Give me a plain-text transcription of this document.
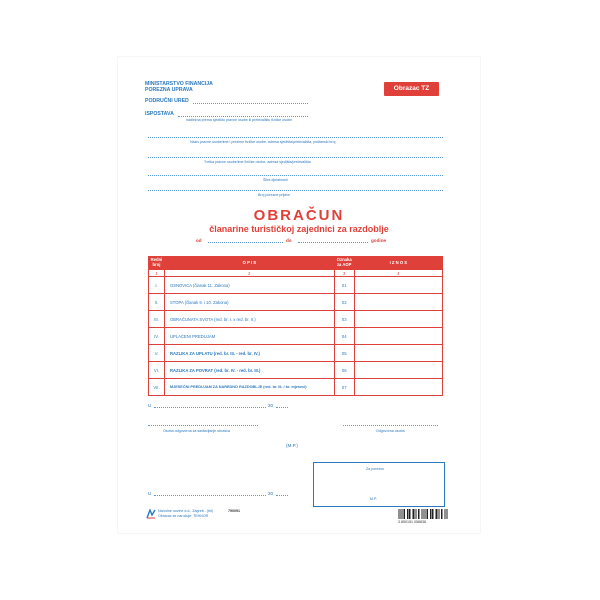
MINISTARSTVO FINANCIJA
POREZNA UPRAVA
PODRUČNI URED
Obrazac TZ
ISPOSTAVA
nadležna prema sjedištu pravne osobe ili prebivalištu fizičke osobe
Naziv pravne osobe/ime i prezime fizičke osobe, adresa sjedišta/prebivališta, poštanski broj
Tvrtka pravne osobe/ime fizičke osobe, adresa sjedišta/prebivališta
Šifra djelatnosti
Broj porezne prijave
OBRAČUN
članarine turističkoj zajednici za razdoblje
od	do	godine
Redni broj	O P I S	Oznaka za AOP	I Z N O S
1	2	3	4
I.	OSNOVICA (članak 11. Zakona)	01	
II.	STOPA (članak 9. i 10. Zakona)	02	
III.	OBRAČUNATA SVOTA (red. br. I. x red. br. II.)	03	
IV.	UPLAĆENI PREDUJAM	04	
V.	RAZLIKA ZA UPLATU (red. br. III. - red. br. IV.)	05	
VI.	RAZLIKA ZA POVRAT (red. br. IV. - red. br. III.)	06	
VII.	MJESEČNI PREDUJAM ZA NAREDNO RAZDOBLJE (red. br. III. / br. mjeseci)	07	
U	20
Osoba odgovorna za sastavljanje obrasca	Odgovorna osoba
(M.P.)
Za poreznu
M.P.
U	20
Narodne novine d.d., Zagreb - (tel)	790091
Obrazac se naručuje: TEHNOR
3 850151 058838
